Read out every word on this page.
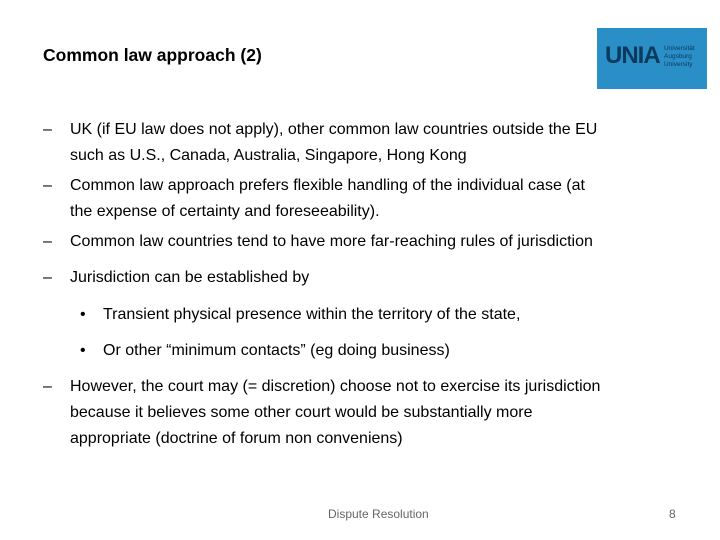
Common law approach (2)	UNIA Universität
Augsburg
University
– UK (if EU law does not apply), other common law countries outside the EU
such as U.S., Canada, Australia, Singapore, Hong Kong
– Common law approach prefers flexible handling of the individual case (at
the expense of certainty and foreseeability).
– Common law countries tend to have more far-reaching rules of jurisdiction
– Jurisdiction can be established by
• Transient physical presence within the territory of the state,
• Or other “minimum contacts” (eg doing business)
– However, the court may (= discretion) choose not to exercise its jurisdiction
because it believes some other court would be substantially more
appropriate (doctrine of forum non conveniens)
Dispute Resolution	8
